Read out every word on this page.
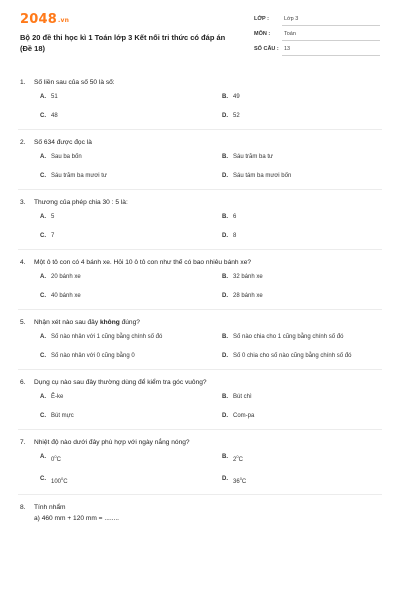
2048.vn
Bộ 20 đề thi học kì 1 Toán lớp 3 Kết nối tri thức có đáp án (Đề 18)
LỚP :	Lớp 3
MÔN :	Toán
SỐ CÂU : 13
1. Số liền sau của số 50 là số:
A. 51	B. 49
C. 48	D. 52
2. Số 634 được đọc là
A. Sau ba bốn	B. Sáu trăm ba tư
C. Sáu trăm ba mươi tư	D. Sáu tám ba mươi bốn
3. Thương của phép chia 30 : 5 là:
A. 5	B. 6
C. 7	D. 8
4. Một ô tô con có 4 bánh xe. Hỏi 10 ô tô con như thế có bao nhiêu bánh xe?
A. 20 bánh xe	B. 32 bánh xe
C. 40 bánh xe	D. 28 bánh xe
5. Nhận xét nào sau đây không đúng?
A. Số nào nhân với 1 cũng bằng chính số đó	B. Số nào chia cho 1 cũng bằng chính số đó
C. Số nào nhân với 0 cũng bằng 0	D. Số 0 chia cho số nào cũng bằng chính số đó
6. Dụng cụ nào sau đây thường dùng để kiểm tra góc vuông?
A. Ê-ke	B. Bút chì
C. Bút mực	D. Com-pa
7. Nhiệt độ nào dưới đây phù hợp với ngày nắng nóng?
A. $0^0C$	B. $2^0C$
C. $100^0C$	D. $36^0C$
8. Tính nhẩm
a) 460 mm + 120 mm = ........
